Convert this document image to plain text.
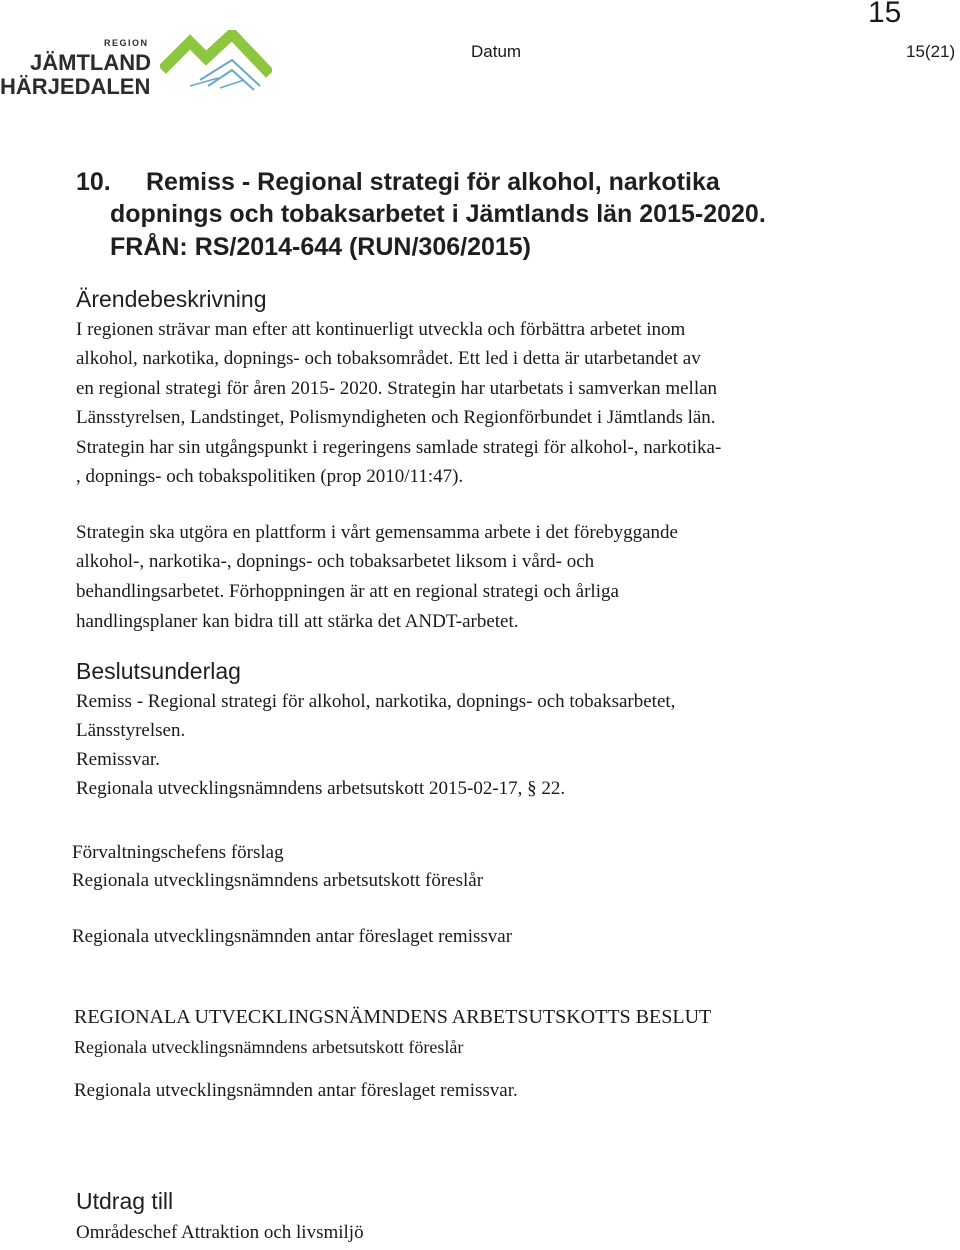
REGION
JÄMTLAND
HÄRJEDALEN
15
Datum	15(21)
10. Remiss - Regional strategi för alkohol, narkotika
dopnings och tobaksarbetet i Jämtlands län 2015-2020.
FRÅN: RS/2014-644 (RUN/306/2015)
Ärendebeskrivning
I regionen strävar man efter att kontinuerligt utveckla och förbättra arbetet inom
alkohol, narkotika, dopnings- och tobaksområdet. Ett led i detta är utarbetandet av
en regional strategi för åren 2015- 2020. Strategin har utarbetats i samverkan mellan
Länsstyrelsen, Landstinget, Polismyndigheten och Regionförbundet i Jämtlands län.
Strategin har sin utgångspunkt i regeringens samlade strategi för alkohol-, narkotika-
, dopnings- och tobakspolitiken (prop 2010/11:47).
Strategin ska utgöra en plattform i vårt gemensamma arbete i det förebyggande
alkohol-, narkotika-, dopnings- och tobaksarbetet liksom i vård- och
behandlingsarbetet. Förhoppningen är att en regional strategi och årliga
handlingsplaner kan bidra till att stärka det ANDT-arbetet.
Beslutsunderlag
Remiss - Regional strategi för alkohol, narkotika, dopnings- och tobaksarbetet,
Länsstyrelsen.
Remissvar.
Regionala utvecklingsnämndens arbetsutskott 2015-02-17, § 22.
Förvaltningschefens förslag
Regionala utvecklingsnämndens arbetsutskott föreslår
Regionala utvecklingsnämnden antar föreslaget remissvar
REGIONALA UTVECKLINGSNÄMNDENS ARBETSUTSKOTTS BESLUT
Regionala utvecklingsnämndens arbetsutskott föreslår
Regionala utvecklingsnämnden antar föreslaget remissvar.
Utdrag till
Områdeschef Attraktion och livsmiljö
